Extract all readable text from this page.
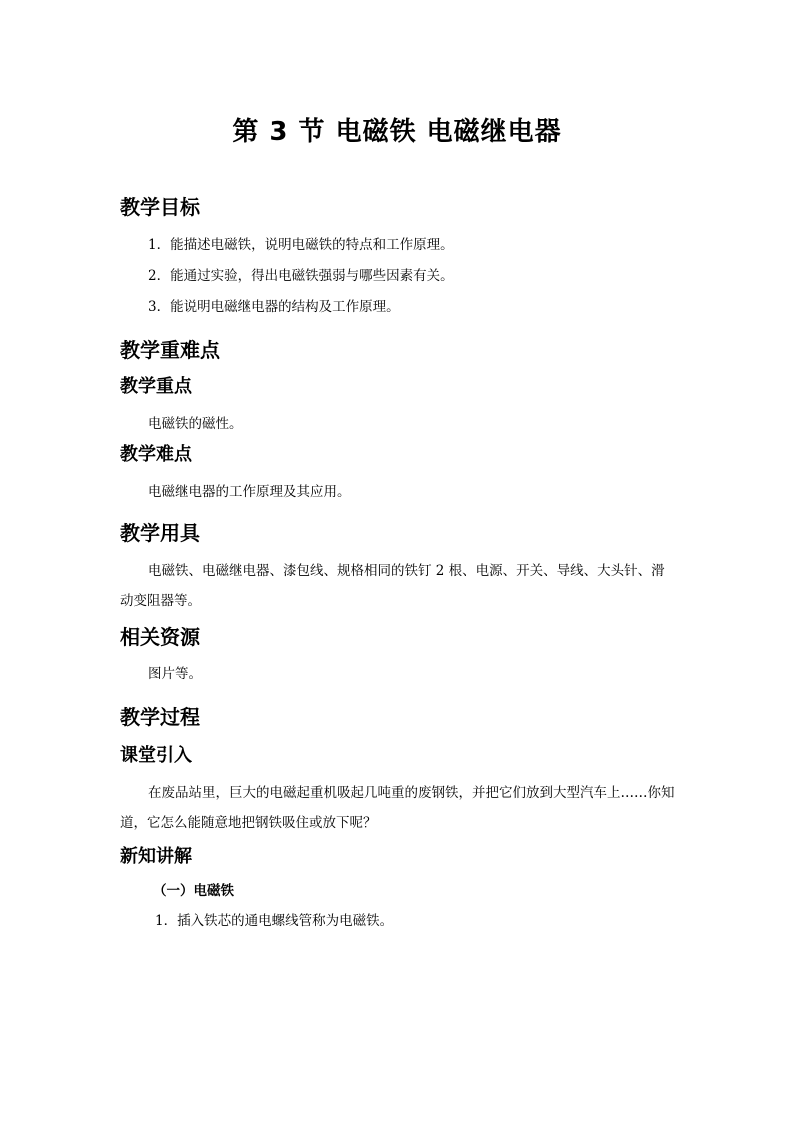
第 3 节 电磁铁 电磁继电器
教学目标
1．能描述电磁铁，说明电磁铁的特点和工作原理。
2．能通过实验，得出电磁铁强弱与哪些因素有关。
3．能说明电磁继电器的结构及工作原理。
教学重难点
教学重点
电磁铁的磁性。
教学难点
电磁继电器的工作原理及其应用。
教学用具
电磁铁、电磁继电器、漆包线、规格相同的铁钉 2 根、电源、开关、导线、大头针、滑动变阻器等。
相关资源
图片等。
教学过程
课堂引入
在废品站里，巨大的电磁起重机吸起几吨重的废钢铁，并把它们放到大型汽车上……你知道，它怎么能随意地把钢铁吸住或放下呢？
新知讲解
（一）电磁铁
1．插入铁芯的通电螺线管称为电磁铁。
